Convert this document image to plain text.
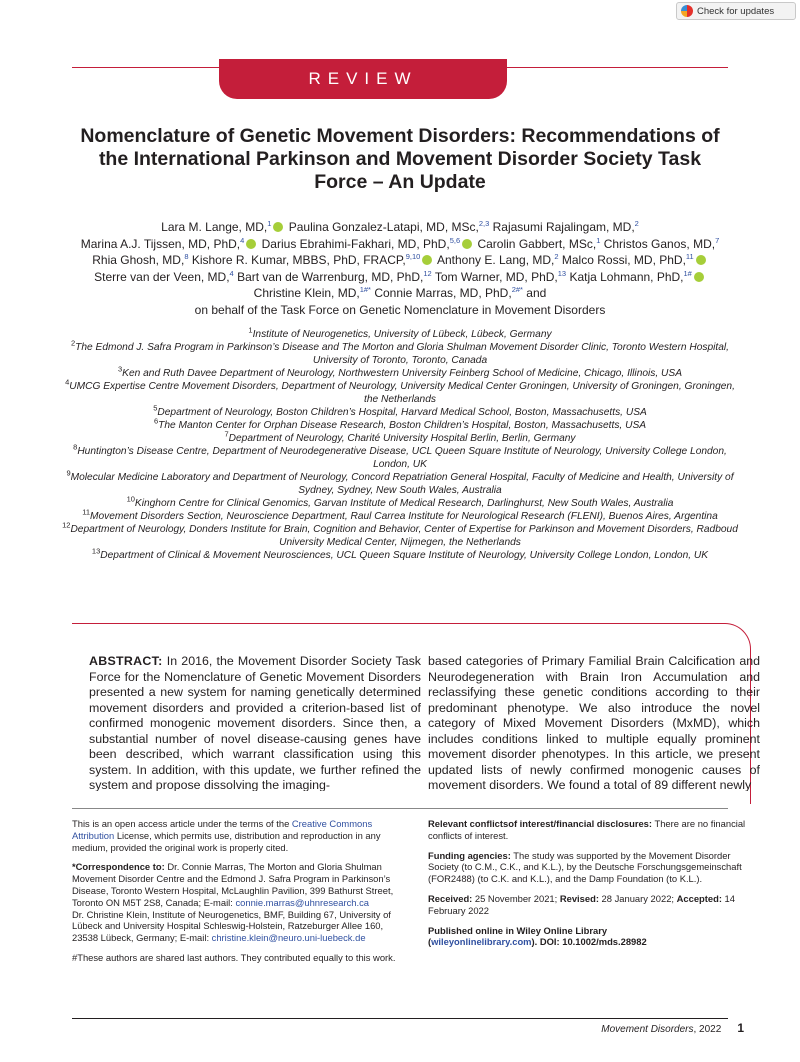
Check for updates
REVIEW
Nomenclature of Genetic Movement Disorders: Recommendations of the International Parkinson and Movement Disorder Society Task Force – An Update
Lara M. Lange, MD,$^1$ Paulina Gonzalez-Latapi, MD, MSc,$^{2,3}$ Rajasumi Rajalingam, MD,$^2$
Marina A.J. Tijssen, MD, PhD,$^4$ Darius Ebrahimi-Fakhari, MD, PhD,$^{5,6}$ Carolin Gabbert, MSc,$^1$ Christos Ganos, MD,$^7$
Rhia Ghosh, MD,$^8$ Kishore R. Kumar, MBBS, PhD, FRACP,$^{9,10}$ Anthony E. Lang, MD,$^2$ Malco Rossi, MD, PhD,$^{11}$
Sterre van der Veen, MD,$^4$ Bart van de Warrenburg, MD, PhD,$^{12}$ Tom Warner, MD, PhD,$^{13}$ Katja Lohmann, PhD,$^{1\#}$
Christine Klein, MD,$^{1\#*}$ Connie Marras, MD, PhD,$^{2\#*}$ and
on behalf of the Task Force on Genetic Nomenclature in Movement Disorders
$^1$Institute of Neurogenetics, University of Lübeck, Lübeck, Germany
$^2$The Edmond J. Safra Program in Parkinson’s Disease and The Morton and Gloria Shulman Movement Disorder Clinic, Toronto Western Hospital, University of Toronto, Toronto, Canada
$^3$Ken and Ruth Davee Department of Neurology, Northwestern University Feinberg School of Medicine, Chicago, Illinois, USA
$^4$UMCG Expertise Centre Movement Disorders, Department of Neurology, University Medical Center Groningen, University of Groningen, Groningen, the Netherlands
$^5$Department of Neurology, Boston Children’s Hospital, Harvard Medical School, Boston, Massachusetts, USA
$^6$The Manton Center for Orphan Disease Research, Boston Children’s Hospital, Boston, Massachusetts, USA
$^7$Department of Neurology, Charité University Hospital Berlin, Berlin, Germany
$^8$Huntington’s Disease Centre, Department of Neurodegenerative Disease, UCL Queen Square Institute of Neurology, University College London, London, UK
$^9$Molecular Medicine Laboratory and Department of Neurology, Concord Repatriation General Hospital, Faculty of Medicine and Health, University of Sydney, Sydney, New South Wales, Australia
$^{10}$Kinghorn Centre for Clinical Genomics, Garvan Institute of Medical Research, Darlinghurst, New South Wales, Australia
$^{11}$Movement Disorders Section, Neuroscience Department, Raul Carrea Institute for Neurological Research (FLENI), Buenos Aires, Argentina
$^{12}$Department of Neurology, Donders Institute for Brain, Cognition and Behavior, Center of Expertise for Parkinson and Movement Disorders, Radboud University Medical Center, Nijmegen, the Netherlands
$^{13}$Department of Clinical & Movement Neurosciences, UCL Queen Square Institute of Neurology, University College London, London, UK
ABSTRACT: In 2016, the Movement Disorder Society Task Force for the Nomenclature of Genetic Movement Disorders presented a new system for naming genetically determined movement disorders and provided a criterion-based list of confirmed monogenic movement disorders. Since then, a substantial number of novel disease-causing genes have been described, which warrant classification using this system. In addition, with this update, we further refined the system and propose dissolving the imaging-
based categories of Primary Familial Brain Calcification and Neurodegeneration with Brain Iron Accumulation and reclassifying these genetic conditions according to their predominant phenotype. We also introduce the novel category of Mixed Movement Disorders (MxMD), which includes conditions linked to multiple equally prominent movement disorder phenotypes. In this article, we present updated lists of newly confirmed monogenic causes of movement disorders. We found a total of 89 different newly

This is an open access article under the terms of the Creative Commons Attribution License, which permits use, distribution and reproduction in any medium, provided the original work is properly cited.

*Correspondence to: Dr. Connie Marras, The Morton and Gloria Shulman Movement Disorder Centre and the Edmond J. Safra Program in Parkinson’s Disease, Toronto Western Hospital, McLaughlin Pavilion, 399 Bathurst Street, Toronto ON M5T 2S8, Canada; E-mail: connie.marras@uhnresearch.ca
Dr. Christine Klein, Institute of Neurogenetics, BMF, Building 67, University of Lübeck and University Hospital Schleswig-Holstein, Ratzeburger Allee 160, 23538 Lübeck, Germany; E-mail: christine.klein@neuro.uni-luebeck.de

#These authors are shared last authors. They contributed equally to this work.

Relevant conflictsof interest/financial disclosures: There are no financial conflicts of interest.

Funding agencies: The study was supported by the Movement Disorder Society (to C.M., C.K., and K.L.), by the Deutsche Forschungsgemeinschaft (FOR2488) (to C.K. and K.L.), and the Damp Foundation (to K.L.).

Received: 25 November 2021; Revised: 28 January 2022; Accepted: 14 February 2022

Published online in Wiley Online Library
(wileyonlinelibrary.com). DOI: 10.1002/mds.28982

Movement Disorders, 2022 1
